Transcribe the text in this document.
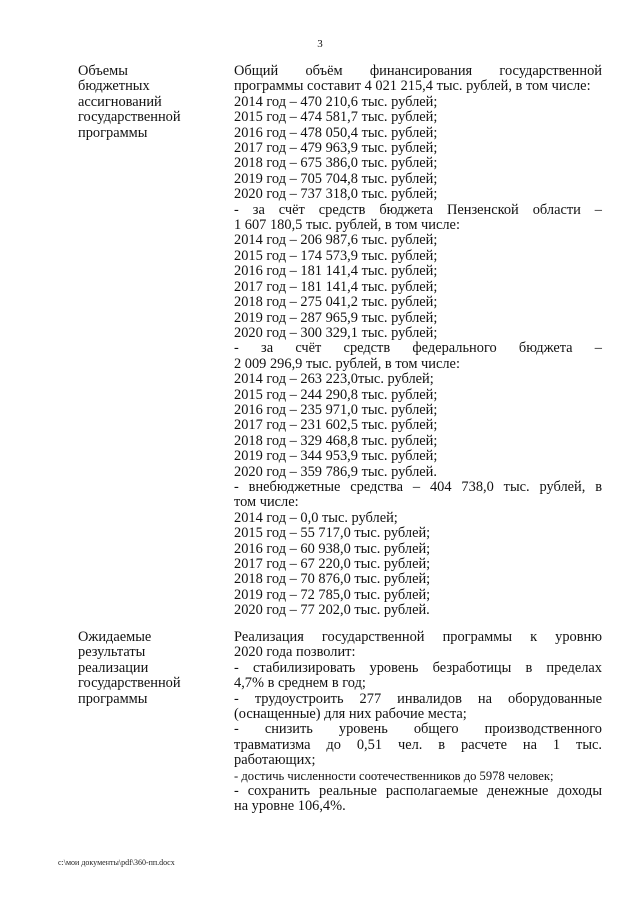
3
Объемы
бюджетных
ассигнований
государственной
программы
Общий объём финансирования государственной
программы составит 4 021 215,4 тыс. рублей, в том числе:
2014 год – 470 210,6 тыс. рублей;
2015 год – 474 581,7 тыс. рублей;
2016 год – 478 050,4 тыс. рублей;
2017 год – 479 963,9 тыс. рублей;
2018 год – 675 386,0 тыс. рублей;
2019 год – 705 704,8 тыс. рублей;
2020 год – 737 318,0 тыс. рублей;
- за счёт средств бюджета Пензенской области –
1 607 180,5 тыс. рублей, в том числе:
2014 год – 206 987,6 тыс. рублей;
2015 год – 174 573,9 тыс. рублей;
2016 год – 181 141,4 тыс. рублей;
2017 год – 181 141,4 тыс. рублей;
2018 год – 275 041,2 тыс. рублей;
2019 год – 287 965,9 тыс. рублей;
2020 год – 300 329,1 тыс. рублей;
- за счёт средств федерального бюджета –
2 009 296,9 тыс. рублей, в том числе:
2014 год – 263 223,0тыс. рублей;
2015 год – 244 290,8 тыс. рублей;
2016 год – 235 971,0 тыс. рублей;
2017 год – 231 602,5 тыс. рублей;
2018 год – 329 468,8 тыс. рублей;
2019 год – 344 953,9 тыс. рублей;
2020 год – 359 786,9 тыс. рублей.
- внебюджетные средства – 404 738,0 тыс. рублей, в
том числе:
2014 год – 0,0 тыс. рублей;
2015 год – 55 717,0 тыс. рублей;
2016 год – 60 938,0 тыс. рублей;
2017 год – 67 220,0 тыс. рублей;
2018 год – 70 876,0 тыс. рублей;
2019 год – 72 785,0 тыс. рублей;
2020 год – 77 202,0 тыс. рублей.
Ожидаемые
результаты
реализации
государственной
программы
Реализация государственной программы к уровню
2020 года позволит:
- стабилизировать уровень безработицы в пределах
4,7% в среднем в год;
- трудоустроить 277 инвалидов на оборудованные
(оснащенные) для них рабочие места;
- снизить уровень общего производственного
травматизма до 0,51 чел. в расчете на 1 тыс.
работающих;
- достичь численности соотечественников до 5978 человек;
- сохранить реальные располагаемые денежные доходы
на уровне 106,4%.
c:\мои документы\pdf\360-пп.docx
